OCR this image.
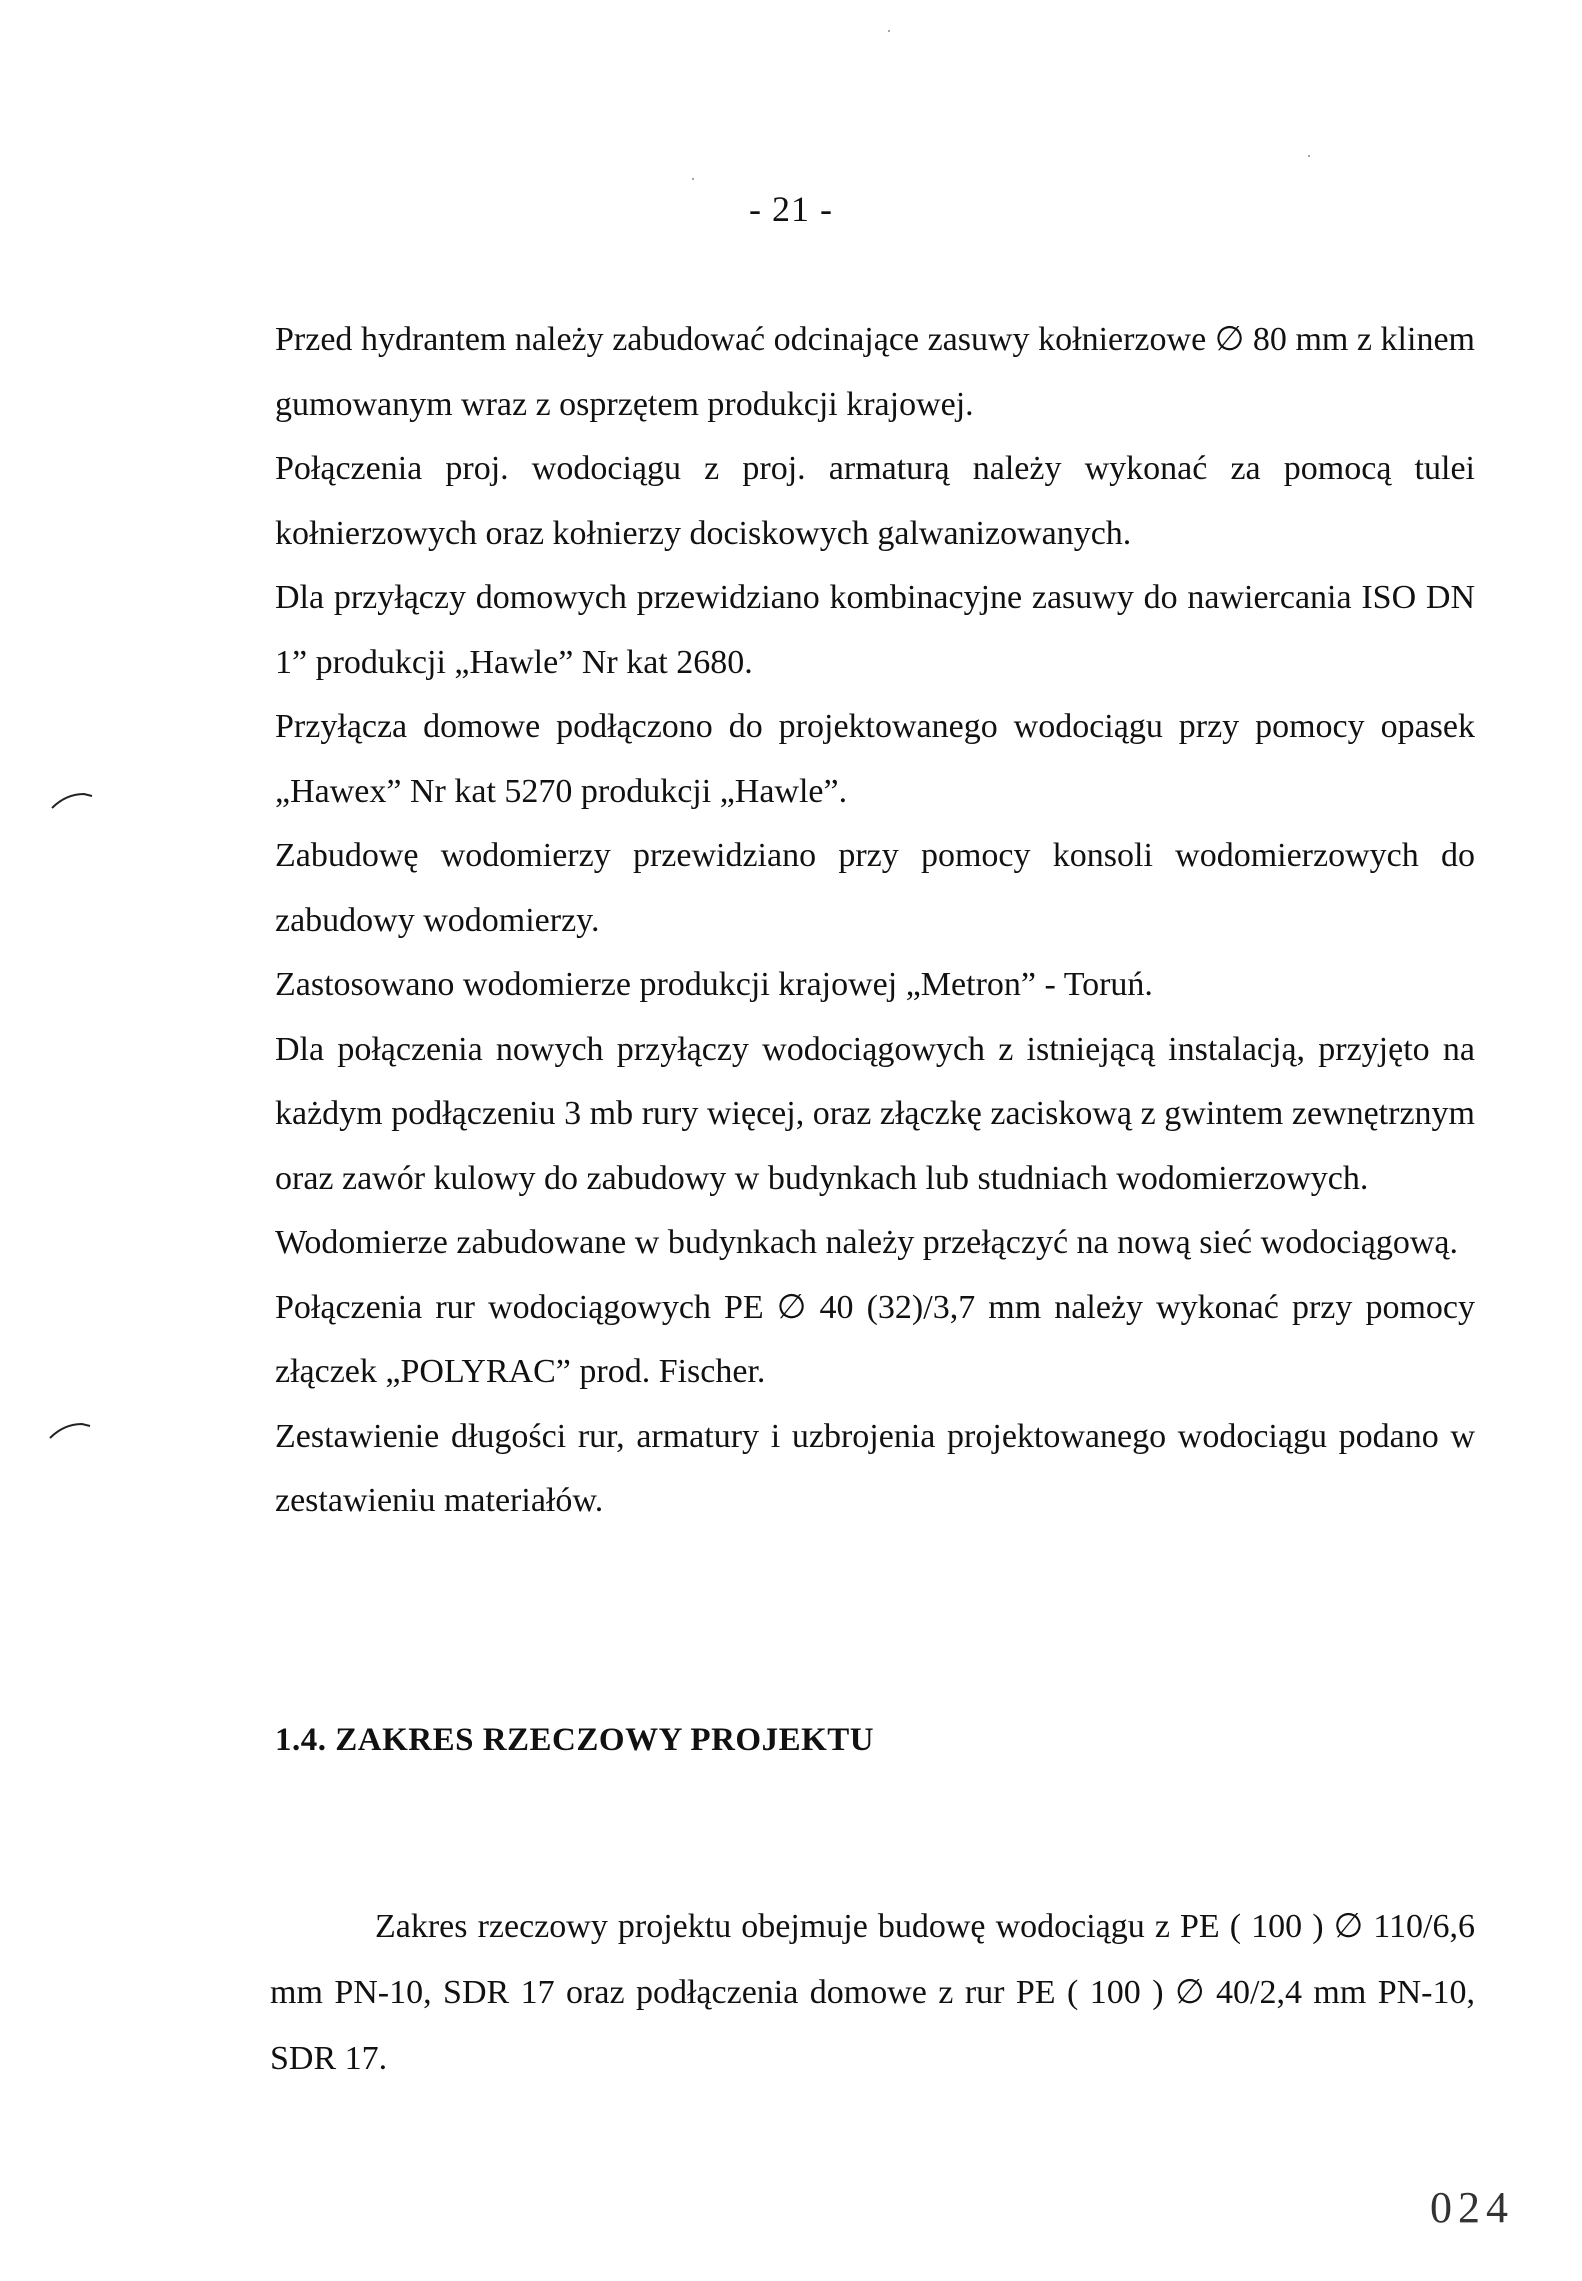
- 21 -

Przed hydrantem należy zabudować odcinające zasuwy kołnierzowe ∅ 80 mm z klinem gumowanym wraz z osprzętem produkcji krajowej.

Połączenia proj. wodociągu z proj. armaturą należy wykonać za pomocą tulei kołnierzowych oraz kołnierzy dociskowych galwanizowanych.

Dla przyłączy domowych przewidziano kombinacyjne zasuwy do nawiercania ISO DN 1” produkcji „Hawle” Nr kat 2680.

Przyłącza domowe podłączono do projektowanego wodociągu przy pomocy opasek „Hawex” Nr kat 5270 produkcji „Hawle”.

Zabudowę wodomierzy przewidziano przy pomocy konsoli wodomierzowych do zabudowy wodomierzy.

Zastosowano wodomierze produkcji krajowej „Metron” - Toruń.

Dla połączenia nowych przyłączy wodociągowych z istniejącą instalacją, przyjęto na każdym podłączeniu 3 mb rury więcej, oraz złączkę zaciskową z gwintem zewnętrznym oraz zawór kulowy do zabudowy w budynkach lub studniach wodomierzowych.

Wodomierze zabudowane w budynkach należy przełączyć na nową sieć wodociągową.

Połączenia rur wodociągowych PE ∅ 40 (32)/3,7 mm należy wykonać przy pomocy złączek „POLYRAC” prod. Fischer.

Zestawienie długości rur, armatury i uzbrojenia projektowanego wodociągu podano w zestawieniu materiałów.

1.4. ZAKRES RZECZOWY PROJEKTU

Zakres rzeczowy projektu obejmuje budowę wodociągu z PE ( 100 ) ∅ 110/6,6 mm PN-10, SDR 17 oraz podłączenia domowe z rur PE ( 100 ) ∅ 40/2,4 mm PN-10, SDR 17.

024
